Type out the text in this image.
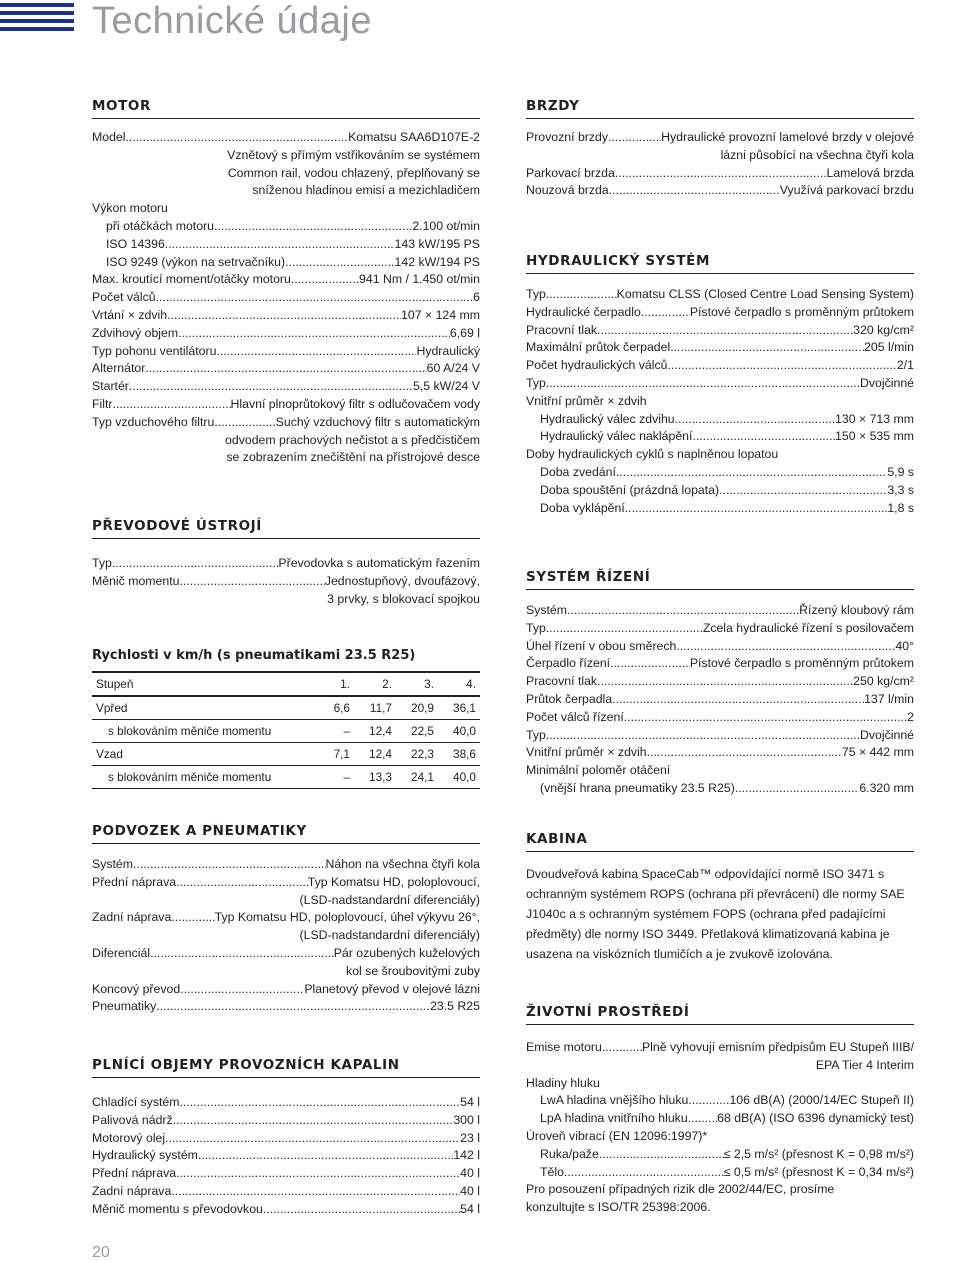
Technické údaje
MOTOR
Model .....	Komatsu SAA6D107E-2
Vznětový s přímým vstřikováním se systémem
Common rail, vodou chlazený, přeplňovaný se
sníženou hladinou emisí a mezichladičem
Výkon motoru
při otáčkách motoru .....	2.100 ot/min
ISO 14396 .....	143 kW/195 PS
ISO 9249 (výkon na setrvačníku) .....	142 kW/194 PS
Max. kroutící moment/otáčky motoru .....	941 Nm / 1.450 ot/min
Počet válců .....	6
Vrtání × zdvih .....	107 × 124 mm
Zdvihový objem .....	6,69 l
Typ pohonu ventilátoru .....	Hydraulický
Alternátor .....	60 A/24 V
Startér .....	5,5 kW/24 V
Filtr .....	Hlavní plnoprůtokový filtr s odlučovačem vody
Typ vzduchového filtru .....	Suchý vzduchový filtr s automatickým
odvodem prachových nečistot a s předčističem
se zobrazením znečištění na přístrojové desce
PŘEVODOVÉ ÚSTROJÍ
Typ .....	Převodovka s automatickým řazením
Měnič momentu .....	Jednostupňový, dvoufázový,
3 prvky, s blokovací spojkou
Rychlosti v km/h (s pneumatikami 23.5 R25)
Stupeň	1.	2.	3.	4.
Vpřed	6,6	11,7	20,9	36,1
s blokováním měniče momentu	–	12,4	22,5	40,0
Vzad	7,1	12,4	22,3	38,6
s blokováním měniče momentu	–	13,3	24,1	40,0
PODVOZEK A PNEUMATIKY
Systém .....	Náhon na všechna čtyři kola
Přední náprava .....	Typ Komatsu HD, poloplovoucí,
(LSD-nadstandardní diferenciály)
Zadní náprava .....	Typ Komatsu HD, poloplovoucí, úhel výkyvu 26°,
(LSD-nadstandardní diferenciály)
Diferenciál .....	Pár ozubených kuželových
kol se šroubovitými zuby
Koncový převod .....	Planetový převod v olejové lázni
Pneumatiky .....	23.5 R25
PLNÍCÍ OBJEMY PROVOZNÍCH KAPALIN
Chladící systém .....	54 l
Palivová nádrž .....	300 l
Motorový olej .....	23 l
Hydraulický systém .....	142 l
Přední náprava .....	40 l
Zadní náprava .....	40 l
Měnič momentu s převodovkou .....	54 l
BRZDY
Provozní brzdy .....	Hydraulické provozní lamelové brzdy v olejové
lázni působící na všechna čtyři kola
Parkovací brzda .....	Lamelová brzda
Nouzová brzda .....	Využívá parkovací brzdu
HYDRAULICKÝ SYSTÉM
Typ .....	Komatsu CLSS (Closed Centre Load Sensing System)
Hydraulické čerpadlo .....	Pístové čerpadlo s proměnným průtokem
Pracovní tlak .....	320 kg/cm²
Maximální průtok čerpadel .....	205 l/min
Počet hydraulických válců .....	2/1
Typ .....	Dvojčinné
Vnitřní průměr × zdvih
Hydraulický válec zdvihu .....	130 × 713 mm
Hydraulický válec naklápění .....	150 × 535 mm
Doby hydraulických cyklů s naplněnou lopatou
Doba zvedání .....	5,9 s
Doba spouštění (prázdná lopata) .....	3,3 s
Doba vyklápění .....	1,8 s
SYSTÉM ŘÍZENÍ
Systém .....	Řízený kloubový rám
Typ .....	Zcela hydraulické řízení s posilovačem
Úhel řízení v obou směrech .....	40°
Čerpadlo řízení .....	Pístové čerpadlo s proměnným průtokem
Pracovní tlak .....	250 kg/cm²
Průtok čerpadla .....	137 l/min
Počet válců řízení .....	2
Typ .....	Dvojčinné
Vnitřní průměr × zdvih .....	75 × 442 mm
Minimální poloměr otáčení
(vnější hrana pneumatiky 23.5 R25) .....	6.320 mm
KABINA
Dvoudveřová kabina SpaceCab™ odpovídající normě ISO 3471 s ochranným systémem ROPS (ochrana při převrácení) dle normy SAE J1040c a s ochranným systémem FOPS (ochrana před padajícími předměty) dle normy ISO 3449. Přetlaková klimatizovaná kabina je usazena na viskózních tlumičích a je zvukově izolována.
ŽIVOTNÍ PROSTŘEDÍ
Emise motoru .....	Plně vyhovují emisním předpisům EU Stupeň IIIB/
EPA Tier 4 Interim
Hladiny hluku
LwA hladina vnějšího hluku .....	106 dB(A) (2000/14/EC Stupeň II)
LpA hladina vnitřního hluku ..... 68 dB(A) (ISO 6396 dynamický test)
Úroveň vibrací (EN 12096:1997)*
Ruka/paže .....	≤ 2,5 m/s² (přesnost K = 0,98 m/s²)
Tělo .....	≤ 0,5 m/s² (přesnost K = 0,34 m/s²)
Pro posouzení případných rizik dle 2002/44/EC, prosíme
konzultujte s ISO/TR 25398:2006.
20
